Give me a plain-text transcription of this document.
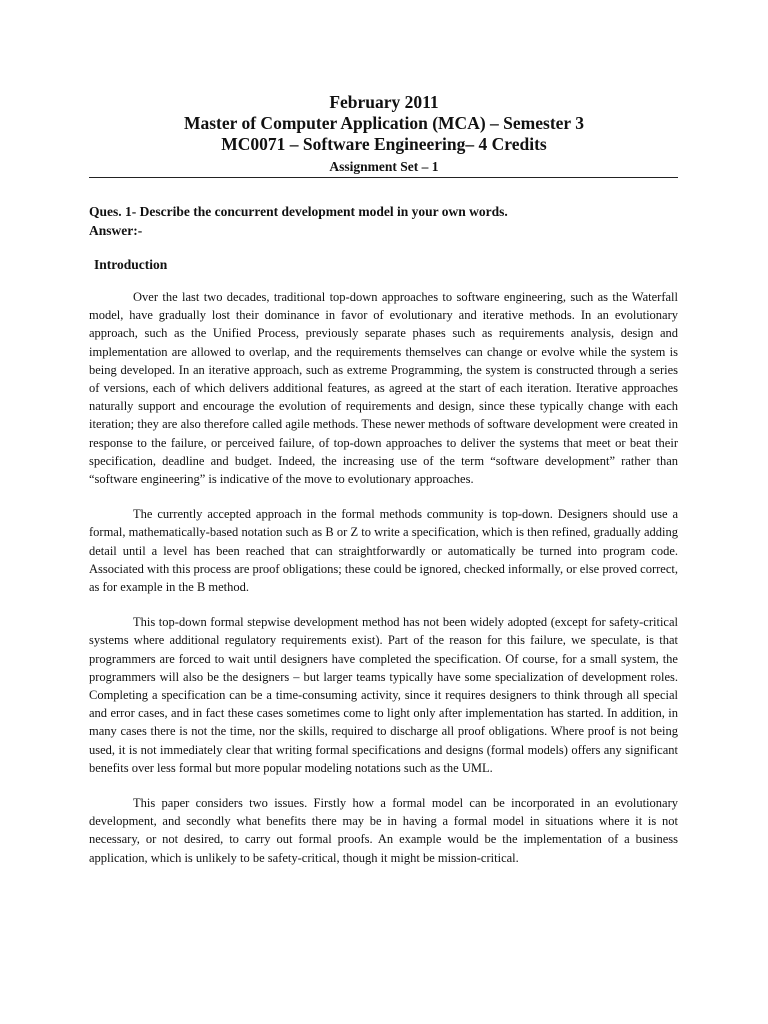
February 2011

Master of Computer Application (MCA) – Semester 3

MC0071 – Software Engineering– 4 Credits

Assignment Set – 1

Ques. 1- Describe the concurrent development model in your own words.

Answer:-

Introduction

Over the last two decades, traditional top-down approaches to software engineering, such as the Waterfall model, have gradually lost their dominance in favor of evolutionary and iterative methods. In an evolutionary approach, such as the Unified Process, previously separate phases such as requirements analysis, design and implementation are allowed to overlap, and the requirements themselves can change or evolve while the system is being developed. In an iterative approach, such as extreme Programming, the system is constructed through a series of versions, each of which delivers additional features, as agreed at the start of each iteration. Iterative approaches naturally support and encourage the evolution of requirements and design, since these typically change with each iteration; they are also therefore called agile methods. These newer methods of software development were created in response to the failure, or perceived failure, of top-down approaches to deliver the systems that meet or beat their specification, deadline and budget. Indeed, the increasing use of the term “software development” rather than “software engineering” is indicative of the move to evolutionary approaches.

The currently accepted approach in the formal methods community is top-down. Designers should use a formal, mathematically-based notation such as B or Z to write a specification, which is then refined, gradually adding detail until a level has been reached that can straightforwardly or automatically be turned into program code. Associated with this process are proof obligations; these could be ignored, checked informally, or else proved correct, as for example in the B method.

This top-down formal stepwise development method has not been widely adopted (except for safety-critical systems where additional regulatory requirements exist). Part of the reason for this failure, we speculate, is that programmers are forced to wait until designers have completed the specification. Of course, for a small system, the programmers will also be the designers – but larger teams typically have some specialization of development roles. Completing a specification can be a time-consuming activity, since it requires designers to think through all special and error cases, and in fact these cases sometimes come to light only after implementation has started. In addition, in many cases there is not the time, nor the skills, required to discharge all proof obligations. Where proof is not being used, it is not immediately clear that writing formal specifications and designs (formal models) offers any significant benefits over less formal but more popular modeling notations such as the UML.

This paper considers two issues. Firstly how a formal model can be incorporated in an evolutionary development, and secondly what benefits there may be in having a formal model in situations where it is not necessary, or not desired, to carry out formal proofs. An example would be the implementation of a business application, which is unlikely to be safety-critical, though it might be mission-critical.
